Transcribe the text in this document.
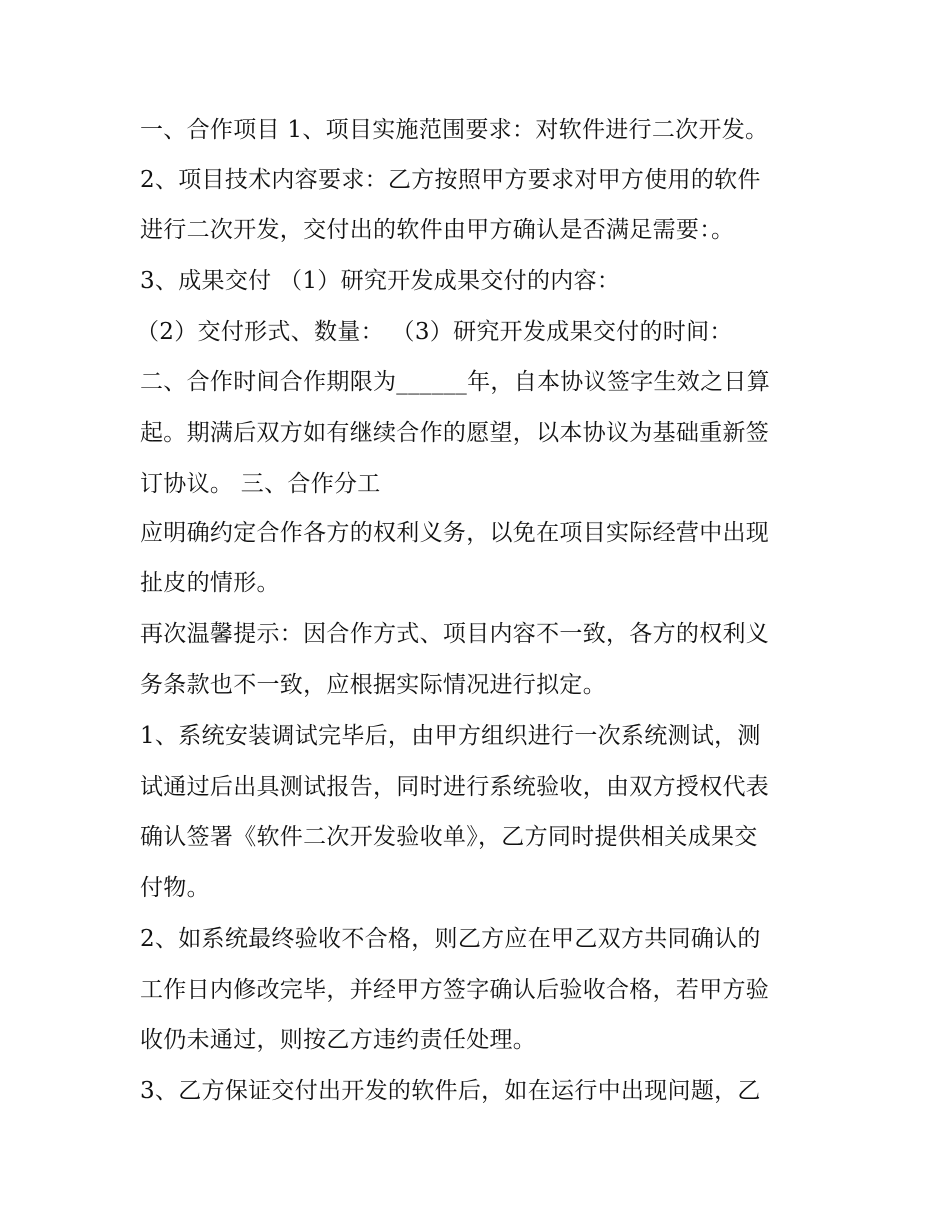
一、合作项目 1、项目实施范围要求：对软件进行二次开发。
2、项目技术内容要求：乙方按照甲方要求对甲方使用的软件
进行二次开发，交付出的软件由甲方确认是否满足需要：。
3、成果交付 （1）研究开发成果交付的内容：
（2）交付形式、数量： （3）研究开发成果交付的时间：
二、合作时间合作期限为______年，自本协议签字生效之日算
起。期满后双方如有继续合作的愿望，以本协议为基础重新签
订协议。 三、合作分工
应明确约定合作各方的权利义务，以免在项目实际经营中出现
扯皮的情形。
再次温馨提示：因合作方式、项目内容不一致，各方的权利义
务条款也不一致，应根据实际情况进行拟定。
1、系统安装调试完毕后，由甲方组织进行一次系统测试，测
试通过后出具测试报告，同时进行系统验收，由双方授权代表
确认签署《软件二次开发验收单》，乙方同时提供相关成果交
付物。
2、如系统最终验收不合格，则乙方应在甲乙双方共同确认的
工作日内修改完毕，并经甲方签字确认后验收合格，若甲方验
收仍未通过，则按乙方违约责任处理。
3、乙方保证交付出开发的软件后，如在运行中出现问题，乙
